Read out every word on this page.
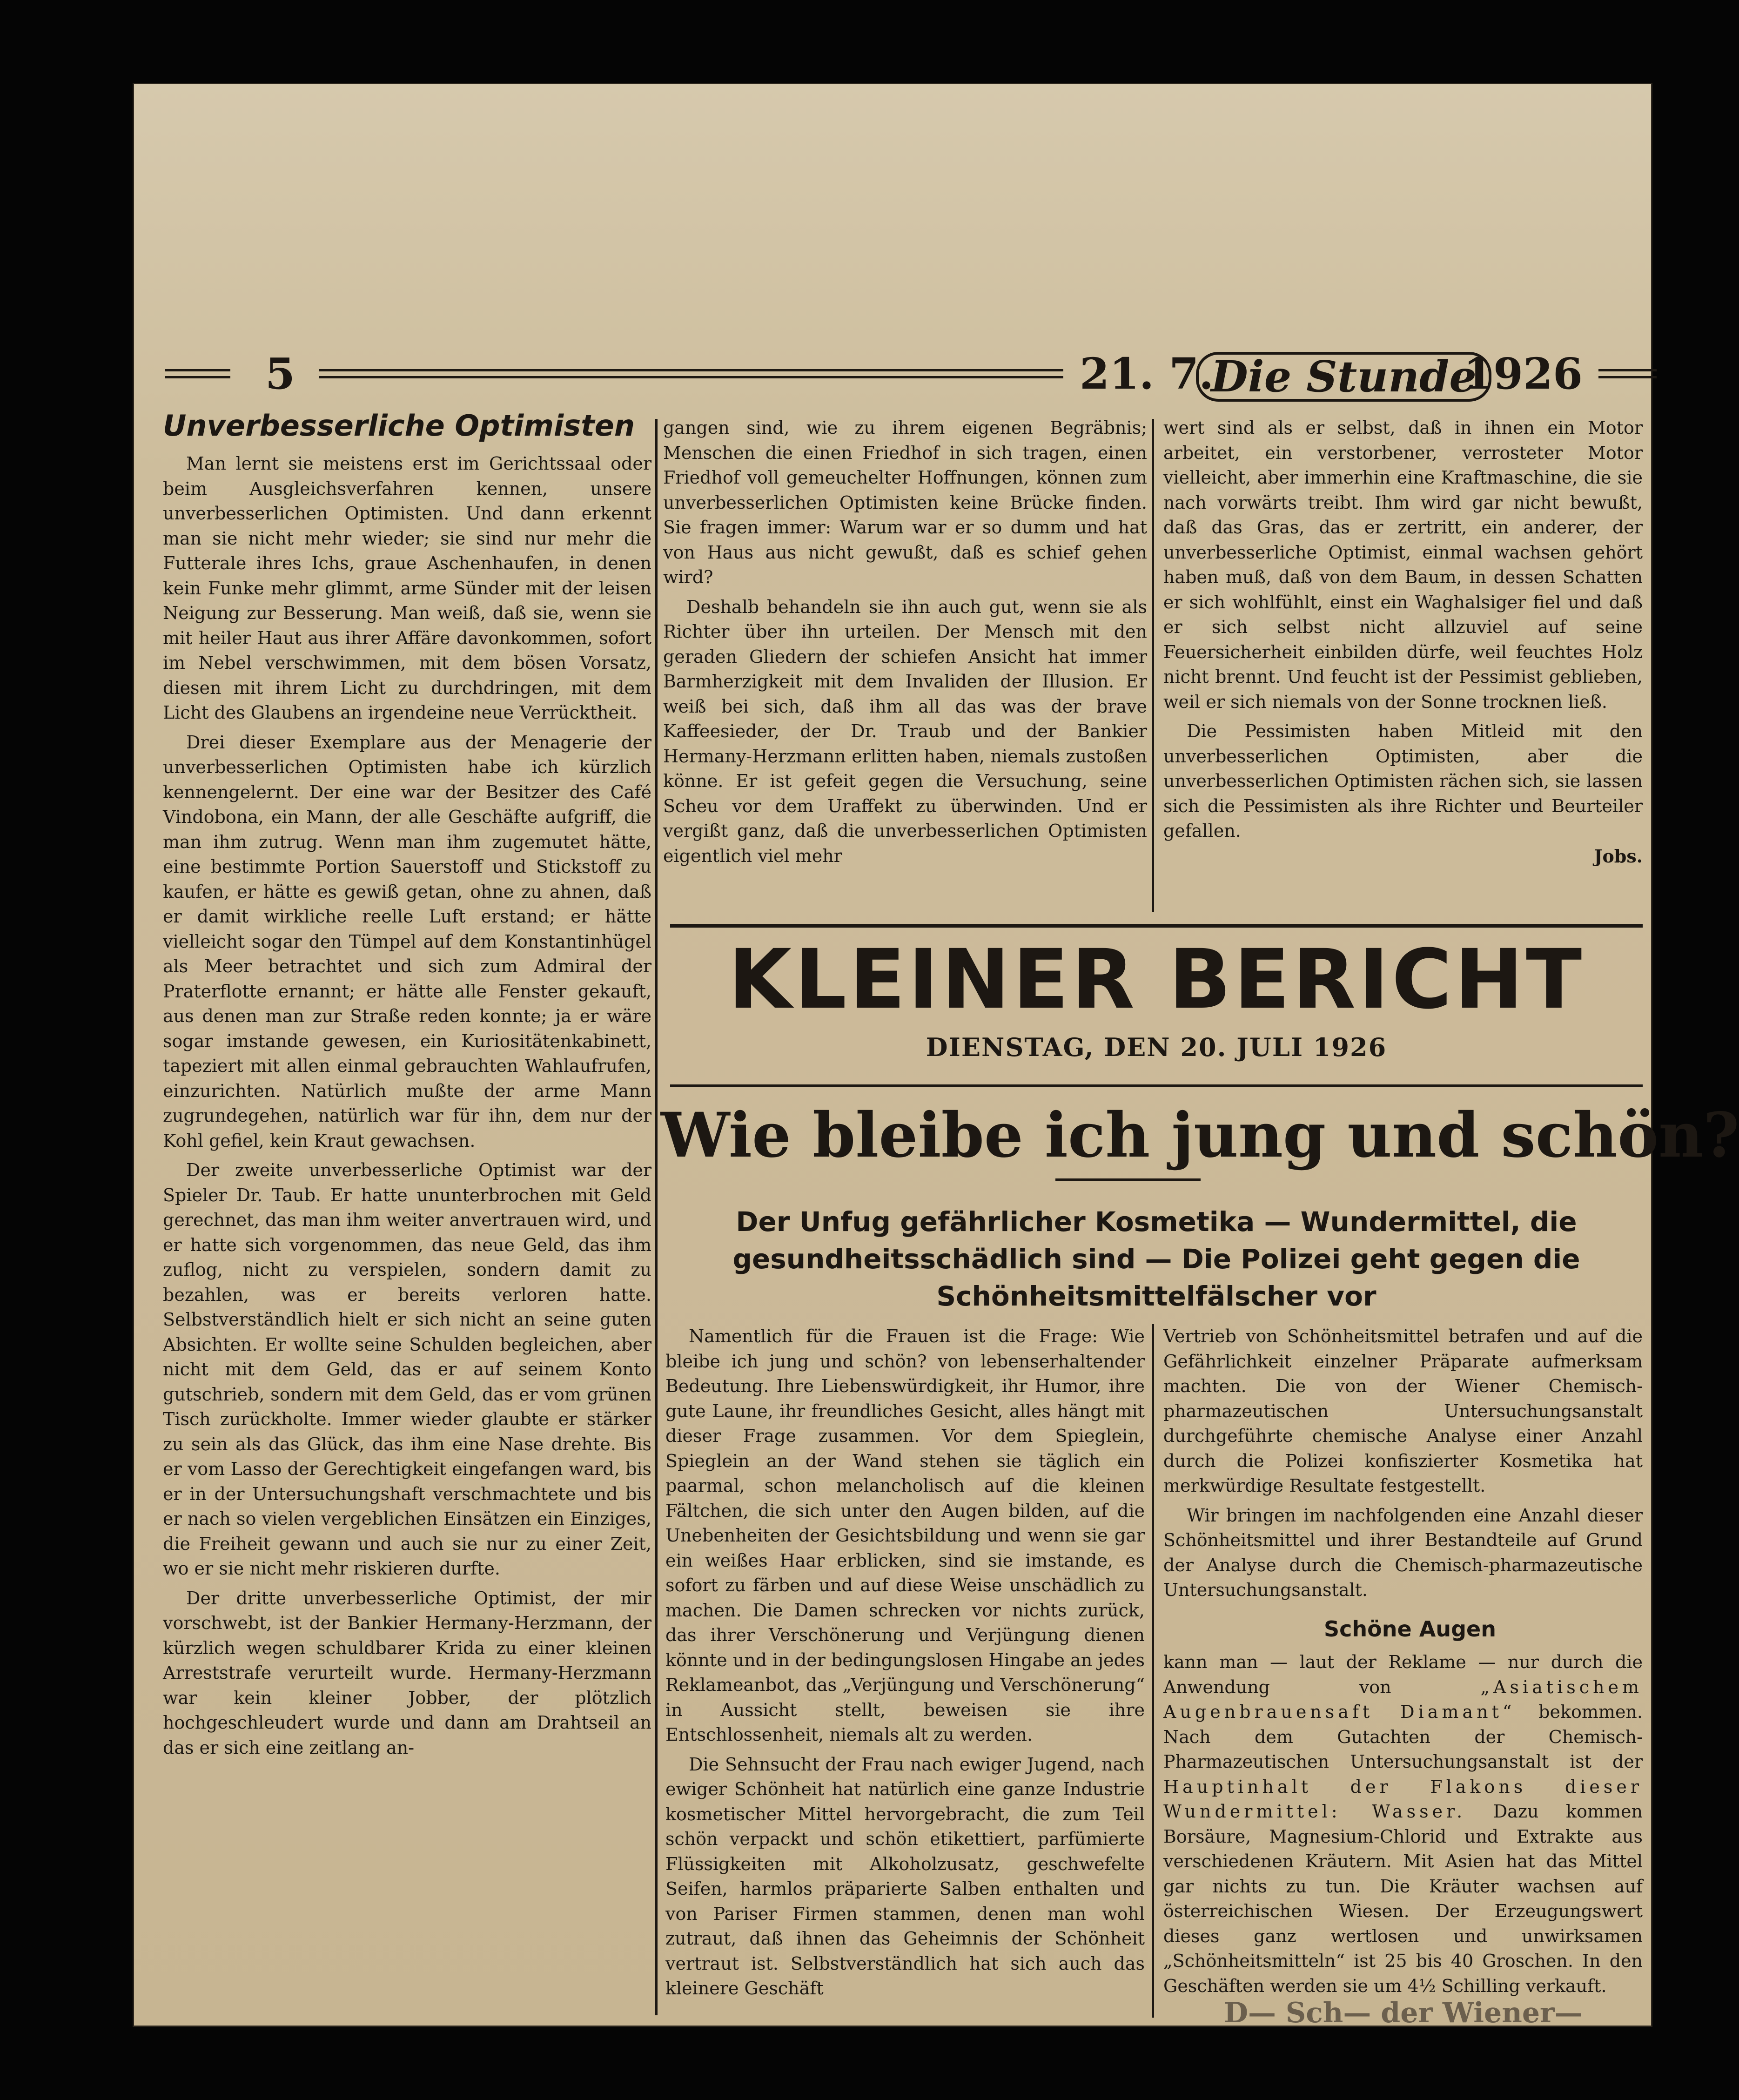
5	21. 7.
Die Stunde
1926
Unverbesserliche Optimisten

Man lernt sie meistens erst im Gerichtssaal oder beim Ausgleichsverfahren kennen, unsere unverbesserlichen Optimisten. Und dann erkennt man sie nicht mehr wieder; sie sind nur mehr die Futterale ihres Ichs, graue Aschenhaufen, in denen kein Funke mehr glimmt, arme Sünder mit der leisen Neigung zur Besserung. Man weiß, daß sie, wenn sie mit heiler Haut aus ihrer Affäre davonkommen, sofort im Nebel verschwimmen, mit dem bösen Vorsatz, diesen mit ihrem Licht zu durchdringen, mit dem Licht des Glaubens an irgendeine neue Verrücktheit.

Drei dieser Exemplare aus der Menagerie der unverbesserlichen Optimisten habe ich kürzlich kennengelernt. Der eine war der Besitzer des Café Vindobona, ein Mann, der alle Geschäfte aufgriff, die man ihm zutrug. Wenn man ihm zugemutet hätte, eine bestimmte Portion Sauerstoff und Stickstoff zu kaufen, er hätte es gewiß getan, ohne zu ahnen, daß er damit wirkliche reelle Luft erstand; er hätte vielleicht sogar den Tümpel auf dem Konstantinhügel als Meer betrachtet und sich zum Admiral der Praterflotte ernannt; er hätte alle Fenster gekauft, aus denen man zur Straße reden konnte; ja er wäre sogar imstande gewesen, ein Kuriositätenkabinett, tapeziert mit allen einmal gebrauchten Wahlaufrufen, einzurichten. Natürlich mußte der arme Mann zugrundegehen, natürlich war für ihn, dem nur der Kohl gefiel, kein Kraut gewachsen.

Der zweite unverbesserliche Optimist war der Spieler Dr. Taub. Er hatte ununterbrochen mit Geld gerechnet, das man ihm weiter anvertrauen wird, und er hatte sich vorgenommen, das neue Geld, das ihm zuflog, nicht zu verspielen, sondern damit zu bezahlen, was er bereits verloren hatte. Selbstverständlich hielt er sich nicht an seine guten Absichten. Er wollte seine Schulden begleichen, aber nicht mit dem Geld, das er auf seinem Konto gutschrieb, sondern mit dem Geld, das er vom grünen Tisch zurückholte. Immer wieder glaubte er stärker zu sein als das Glück, das ihm eine Nase drehte. Bis er vom Lasso der Gerechtigkeit eingefangen ward, bis er in der Untersuchungshaft verschmachtete und bis er nach so vielen vergeblichen Einsätzen ein Einziges, die Freiheit gewann und auch sie nur zu einer Zeit, wo er sie nicht mehr riskieren durfte.

Der dritte unverbesserliche Optimist, der mir vorschwebt, ist der Bankier Hermany-Herzmann, der kürzlich wegen schuldbarer Krida zu einer kleinen Arreststrafe verurteilt wurde. Hermany-Herzmann war kein kleiner Jobber, der plötzlich hochgeschleudert wurde und dann am Drahtseil an das er sich eine zeitlang an-

gangen sind, wie zu ihrem eigenen Begräbnis; Menschen die einen Friedhof in sich tragen, einen Friedhof voll gemeuchelter Hoffnungen, können zum unverbesserlichen Optimisten keine Brücke finden. Sie fragen immer: Warum war er so dumm und hat von Haus aus nicht gewußt, daß es schief gehen wird?

Deshalb behandeln sie ihn auch gut, wenn sie als Richter über ihn urteilen. Der Mensch mit den geraden Gliedern der schiefen Ansicht hat immer Barmherzigkeit mit dem Invaliden der Illusion. Er weiß bei sich, daß ihm all das was der brave Kaffeesieder, der Dr. Traub und der Bankier Hermany-Herzmann erlitten haben, niemals zustoßen könne. Er ist gefeit gegen die Versuchung, seine Scheu vor dem Uraffekt zu überwinden. Und er vergißt ganz, daß die unverbesserlichen Optimisten eigentlich viel mehr

wert sind als er selbst, daß in ihnen ein Motor arbeitet, ein verstorbener, verrosteter Motor vielleicht, aber immerhin eine Kraftmaschine, die sie nach vorwärts treibt. Ihm wird gar nicht bewußt, daß das Gras, das er zertritt, ein anderer, der unverbesserliche Optimist, einmal wachsen gehört haben muß, daß von dem Baum, in dessen Schatten er sich wohlfühlt, einst ein Waghalsiger fiel und daß er sich selbst nicht allzuviel auf seine Feuersicherheit einbilden dürfe, weil feuchtes Holz nicht brennt. Und feucht ist der Pessimist geblieben, weil er sich niemals von der Sonne trocknen ließ.

Die Pessimisten haben Mitleid mit den unverbesserlichen Optimisten, aber die unverbesserlichen Optimisten rächen sich, sie lassen sich die Pessimisten als ihre Richter und Beurteiler gefallen.

Jobs.

KLEINER BERICHT
DIENSTAG, DEN 20. JULI 1926
Wie bleibe ich jung und schön?
Der Unfug gefährlicher Kosmetika — Wundermittel, die gesundheitsschädlich sind — Die Polizei geht gegen die Schönheitsmittelfälscher vor

Namentlich für die Frauen ist die Frage: Wie bleibe ich jung und schön? von lebenserhaltender Bedeutung. Ihre Liebenswürdigkeit, ihr Humor, ihre gute Laune, ihr freundliches Gesicht, alles hängt mit dieser Frage zusammen. Vor dem Spieglein, Spieglein an der Wand stehen sie täglich ein paarmal, schon melancholisch auf die kleinen Fältchen, die sich unter den Augen bilden, auf die Unebenheiten der Gesichtsbildung und wenn sie gar ein weißes Haar erblicken, sind sie imstande, es sofort zu färben und auf diese Weise unschädlich zu machen. Die Damen schrecken vor nichts zurück, das ihrer Verschönerung und Verjüngung dienen könnte und in der bedingungslosen Hingabe an jedes Reklameanbot, das „Verjüngung und Verschönerung“ in Aussicht stellt, beweisen sie ihre Entschlossenheit, niemals alt zu werden.

Die Sehnsucht der Frau nach ewiger Jugend, nach ewiger Schönheit hat natürlich eine ganze Industrie kosmetischer Mittel hervorgebracht, die zum Teil schön verpackt und schön etikettiert, parfümierte Flüssigkeiten mit Alkoholzusatz, geschwefelte Seifen, harmlos präparierte Salben enthalten und von Pariser Firmen stammen, denen man wohl zutraut, daß ihnen das Geheimnis der Schönheit vertraut ist. Selbstverständlich hat sich auch das kleinere Geschäft

Vertrieb von Schönheitsmittel betrafen und auf die Gefährlichkeit einzelner Präparate aufmerksam machten. Die von der Wiener Chemisch-pharmazeutischen Untersuchungsanstalt durchgeführte chemische Analyse einer Anzahl durch die Polizei konfiszierter Kosmetika hat merkwürdige Resultate festgestellt.

Wir bringen im nachfolgenden eine Anzahl dieser Schönheitsmittel und ihrer Bestandteile auf Grund der Analyse durch die Chemisch-pharmazeutische Untersuchungsanstalt.

Schöne Augen

kann man — laut der Reklame — nur durch die Anwendung von	„Asiatischem Augenbrauensaft Diamant“ bekommen. Nach dem Gutachten der Chemisch-Pharmazeutischen Untersuchungsanstalt ist der Hauptinhalt der Flakons dieser Wundermittel: Wasser. Dazu kommen Borsäure, Magnesium-Chlorid und Extrakte aus verschiedenen Kräutern. Mit Asien hat das Mittel gar nichts zu tun. Die Kräuter wachsen auf österreichischen Wiesen. Der Erzeugungswert dieses ganz wertlosen und unwirksamen „Schönheitsmitteln“ ist 25 bis 40 Groschen. In den Geschäften werden sie um 4½ Schilling verkauft.

D— Sch— der Wiener—
